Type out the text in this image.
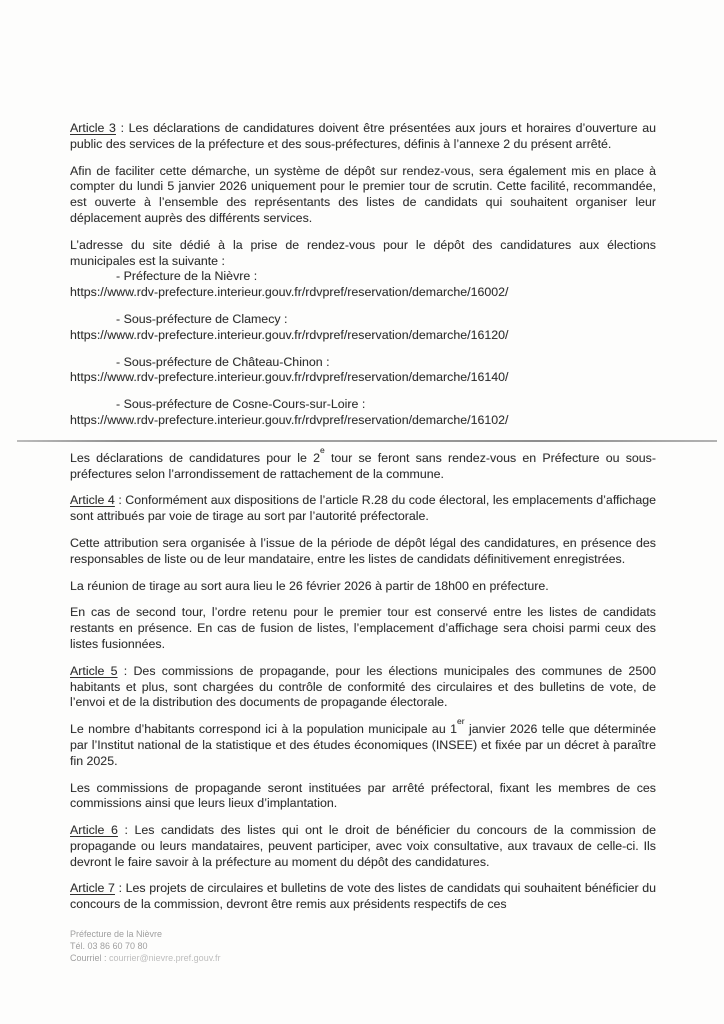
Article 3 : Les déclarations de candidatures doivent être présentées aux jours et horaires d’ouverture au public des services de la préfecture et des sous-préfectures, définis à l’annexe 2 du présent arrêté.

Afin de faciliter cette démarche, un système de dépôt sur rendez-vous, sera également mis en place à compter du lundi 5 janvier 2026 uniquement pour le premier tour de scrutin. Cette facilité, recommandée, est ouverte à l’ensemble des représentants des listes de candidats qui souhaitent organiser leur déplacement auprès des différents services.

L’adresse du site dédié à la prise de rendez-vous pour le dépôt des candidatures aux élections municipales est la suivante :

- Préfecture de la Nièvre :

https://www.rdv-prefecture.interieur.gouv.fr/rdvpref/reservation/demarche/16002/

- Sous-préfecture de Clamecy :

https://www.rdv-prefecture.interieur.gouv.fr/rdvpref/reservation/demarche/16120/

- Sous-préfecture de Château-Chinon :

https://www.rdv-prefecture.interieur.gouv.fr/rdvpref/reservation/demarche/16140/

- Sous-préfecture de Cosne-Cours-sur-Loire :

https://www.rdv-prefecture.interieur.gouv.fr/rdvpref/reservation/demarche/16102/

Les déclarations de candidatures pour le 2e tour se feront sans rendez-vous en Préfecture ou sous-préfectures selon l’arrondissement de rattachement de la commune.

Article 4 : Conformément aux dispositions de l’article R.28 du code électoral, les emplacements d’affichage sont attribués par voie de tirage au sort par l’autorité préfectorale.

Cette attribution sera organisée à l’issue de la période de dépôt légal des candidatures, en présence des responsables de liste ou de leur mandataire, entre les listes de candidats définitivement enregistrées.

La réunion de tirage au sort aura lieu le 26 février 2026 à partir de 18h00 en préfecture.

En cas de second tour, l’ordre retenu pour le premier tour est conservé entre les listes de candidats restants en présence. En cas de fusion de listes, l’emplacement d’affichage sera choisi parmi ceux des listes fusionnées.

Article 5 : Des commissions de propagande, pour les élections municipales des communes de 2500 habitants et plus, sont chargées du contrôle de conformité des circulaires et des bulletins de vote, de l’envoi et de la distribution des documents de propagande électorale.

Le nombre d’habitants correspond ici à la population municipale au 1er janvier 2026 telle que déterminée par l’Institut national de la statistique et des études économiques (INSEE) et fixée par un décret à paraître fin 2025.

Les commissions de propagande seront instituées par arrêté préfectoral, fixant les membres de ces commissions ainsi que leurs lieux d’implantation.

Article 6 : Les candidats des listes qui ont le droit de bénéficier du concours de la commission de propagande ou leurs mandataires, peuvent participer, avec voix consultative, aux travaux de celle-ci. Ils devront le faire savoir à la préfecture au moment du dépôt des candidatures.

Article 7 : Les projets de circulaires et bulletins de vote des listes de candidats qui souhaitent bénéficier du concours de la commission, devront être remis aux présidents respectifs de ces

Préfecture de la Nièvre

Tél. 03 86 60 70 80

Courriel : courrier@nievre.pref.gouv.fr
